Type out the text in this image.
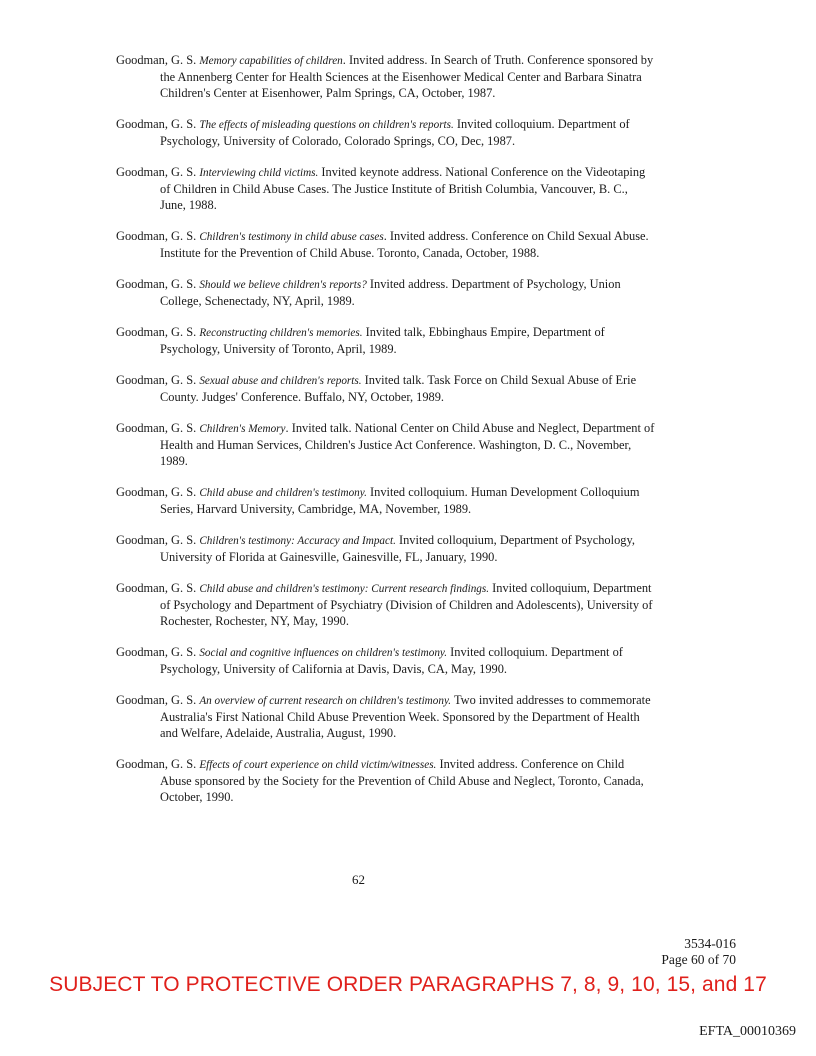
Goodman, G. S. Memory capabilities of children. Invited address. In Search of Truth. Conference sponsored by the Annenberg Center for Health Sciences at the Eisenhower Medical Center and Barbara Sinatra Children's Center at Eisenhower, Palm Springs, CA, October, 1987.

Goodman, G. S. The effects of misleading questions on children's reports. Invited colloquium. Department of Psychology, University of Colorado, Colorado Springs, CO, Dec, 1987.

Goodman, G. S. Interviewing child victims. Invited keynote address. National Conference on the Videotaping of Children in Child Abuse Cases. The Justice Institute of British Columbia, Vancouver, B. C., June, 1988.

Goodman, G. S. Children's testimony in child abuse cases. Invited address. Conference on Child Sexual Abuse. Institute for the Prevention of Child Abuse. Toronto, Canada, October, 1988.

Goodman, G. S. Should we believe children's reports? Invited address. Department of Psychology, Union College, Schenectady, NY, April, 1989.

Goodman, G. S. Reconstructing children's memories. Invited talk, Ebbinghaus Empire, Department of Psychology, University of Toronto, April, 1989.

Goodman, G. S. Sexual abuse and children's reports. Invited talk. Task Force on Child Sexual Abuse of Erie County. Judges' Conference. Buffalo, NY, October, 1989.

Goodman, G. S. Children's Memory. Invited talk. National Center on Child Abuse and Neglect, Department of Health and Human Services, Children's Justice Act Conference. Washington, D. C., November, 1989.

Goodman, G. S. Child abuse and children's testimony. Invited colloquium. Human Development Colloquium Series, Harvard University, Cambridge, MA, November, 1989.

Goodman, G. S. Children's testimony: Accuracy and Impact. Invited colloquium, Department of Psychology, University of Florida at Gainesville, Gainesville, FL, January, 1990.

Goodman, G. S. Child abuse and children's testimony: Current research findings. Invited colloquium, Department of Psychology and Department of Psychiatry (Division of Children and Adolescents), University of Rochester, Rochester, NY, May, 1990.

Goodman, G. S. Social and cognitive influences on children's testimony. Invited colloquium. Department of Psychology, University of California at Davis, Davis, CA, May, 1990.

Goodman, G. S. An overview of current research on children's testimony. Two invited addresses to commemorate Australia's First National Child Abuse Prevention Week. Sponsored by the Department of Health and Welfare, Adelaide, Australia, August, 1990.

Goodman, G. S. Effects of court experience on child victim/witnesses. Invited address. Conference on Child Abuse sponsored by the Society for the Prevention of Child Abuse and Neglect, Toronto, Canada, October, 1990.

62
3534-016
Page 60 of 70
SUBJECT TO PROTECTIVE ORDER PARAGRAPHS 7, 8, 9, 10, 15, and 17
EFTA_00010369
